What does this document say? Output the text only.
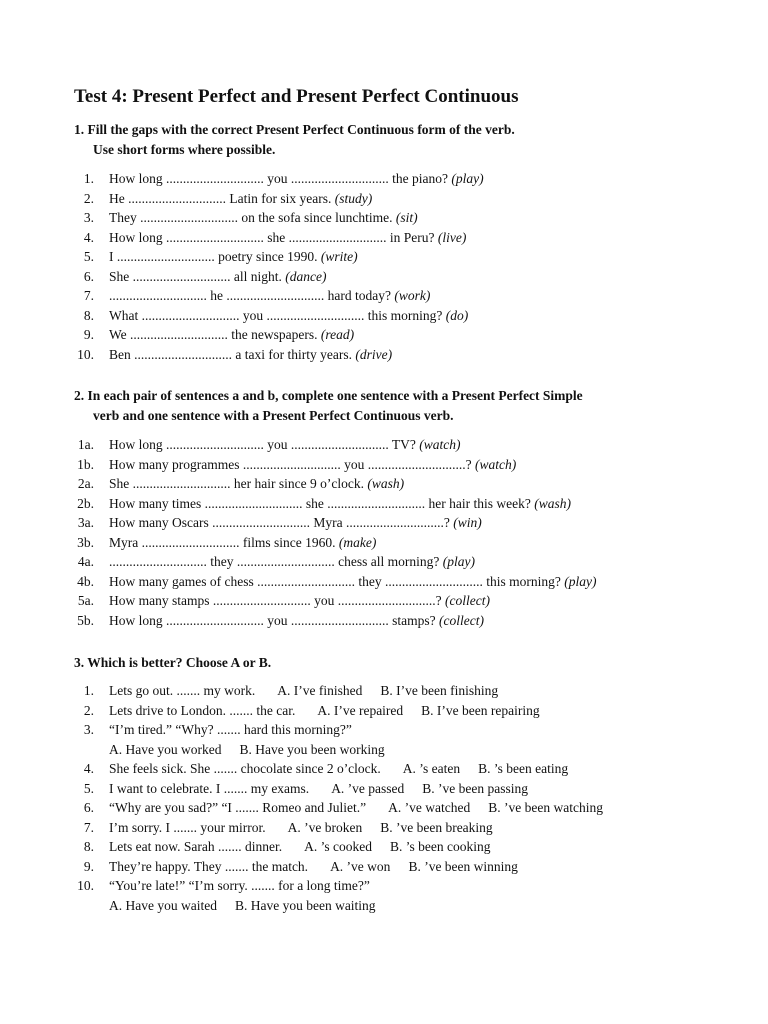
Test 4: Present Perfect and Present Perfect Continuous
1. Fill the gaps with the correct Present Perfect Continuous form of the verb.
Use short forms where possible.
1. How long ............................. you ............................. the piano? (play)
2. He ............................. Latin for six years. (study)
3. They ............................. on the sofa since lunchtime. (sit)
4. How long ............................. she ............................. in Peru? (live)
5. I ............................. poetry since 1990. (write)
6. She ............................. all night. (dance)
7. ............................. he ............................. hard today? (work)
8. What ............................. you ............................. this morning? (do)
9. We ............................. the newspapers. (read)
10. Ben ............................. a taxi for thirty years. (drive)
2. In each pair of sentences a and b, complete one sentence with a Present Perfect Simple
verb and one sentence with a Present Perfect Continuous verb.
1a. How long ............................. you ............................. TV? (watch)
1b. How many programmes ............................. you .............................? (watch)
2a. She ............................. her hair since 9 o’clock. (wash)
2b. How many times ............................. she ............................. her hair this week? (wash)
3a. How many Oscars ............................. Myra .............................? (win)
3b. Myra ............................. films since 1960. (make)
4a. ............................. they ............................. chess all morning? (play)
4b. How many games of chess ............................. they ............................. this morning? (play)
5a. How many stamps ............................. you .............................? (collect)
5b. How long ............................. you ............................. stamps? (collect)
3. Which is better? Choose A or B.
1. Lets go out. ....... my work. A. I’ve finished B. I’ve been finishing
2. Lets drive to London. ....... the car. A. I’ve repaired B. I’ve been repairing
3. “I’m tired.” “Why? ....... hard this morning?”
A. Have you worked B. Have you been working
4. She feels sick. She ....... chocolate since 2 o’clock. A. ’s eaten B. ’s been eating
5. I want to celebrate. I ....... my exams. A. ’ve passed B. ’ve been passing
6. “Why are you sad?” “I ....... Romeo and Juliet.” A. ’ve watched B. ’ve been watching
7. I’m sorry. I ....... your mirror. A. ’ve broken B. ’ve been breaking
8. Lets eat now. Sarah ....... dinner. A. ’s cooked B. ’s been cooking
9. They’re happy. They ....... the match. A. ’ve won B. ’ve been winning
10. “You’re late!” “I’m sorry. ....... for a long time?”
A. Have you waited B. Have you been waiting
